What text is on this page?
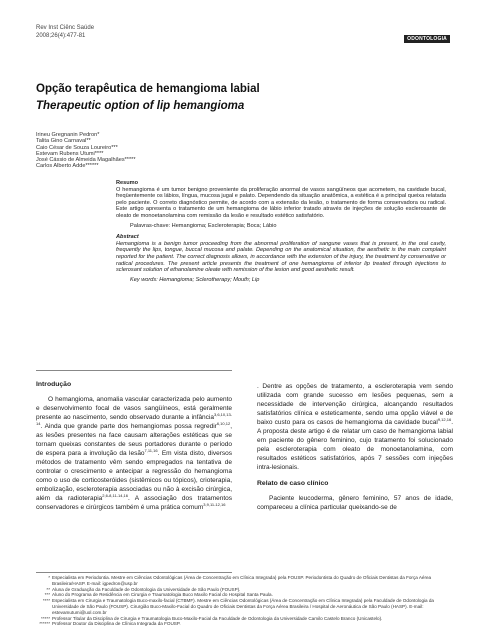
Rev Inst Ciênc Saúde
2008;26(4):477-81	ODONTOLOGIA
Opção terapêutica de hemangioma labial
Therapeutic option of lip hemangioma
Irineu Gregnanin Pedron*
Talita Gino Carnaval**
Caio César de Souza Loureiro***
Estevam Rubens Utumi****
José Cássio de Almeida Magalhães*****
Carlos Alberto Adde******
Resumo

O hemangioma é um tumor benigno proveniente da proliferação anormal de vasos sangüíneos que acometem, na cavidade bucal, freqüentemente os lábios, língua, mucosa jugal e palato. Dependendo da situação anatômica, a estética é a principal queixa relatada pelo paciente. O correto diagnóstico permite, de acordo com a extensão da lesão, o tratamento de forma conservadora ou radical. Este artigo apresenta o tratamento de um hemangioma de lábio inferior tratado através de injeções de solução esclerosante de oleato de monoetanolamina com remissão da lesão e resultado estético satisfatório.

Palavras-chave: Hemangioma; Escleroterapia; Boca; Lábio
Abstract

Hemangioma is a benign tumor proceeding from the abnormal proliferation of sangune vases that is present, in the oral cavity, frequently the lips, tongue, buccal mucosa and palate. Depending on the anatomical situation, the aesthetic is the main complaint reported for the patient. The correct diagnosis allows, in accordance with the extension of the injury, the treatment by conservative or radical procedures. The present article presents the treatment of one hemangioma of inferior lip treated through injections to sclerosant solution of ethanolamine oleate with remission of the lesion and good aesthetic result.

Key words: Hemangioma; Sclerotherapy; Mouth; Lip

Introdução

O hemangioma, anomalia vascular caracterizada pelo aumento e desenvolvimento focal de vasos sangüíneos, está geralmente presente ao nascimento, sendo observado durante a infância$^{3,6,10,13-14}$. Ainda que grande parte dos hemangiomas possa regredir$^{6,10,12}$, as lesões presentes na face causam alterações estéticas que se tornam queixas constantes de seus portadores durante o período de espera para a involução da lesão$^{7,11,16}$. Em vista disto, diversos métodos de tratamento vêm sendo empregados na tentativa de controlar o crescimento e antecipar a regressão do hemangioma como o uso de corticosteróides (sistêmicos ou tópicos), crioterapia, embolização, escleroterapia associadas ou não à excisão cirúrgica, além da radioterapia$^{2,6-8,11-14,16}$. A associação dos tratamentos conservadores e cirúrgicos também é uma prática comum$^{3,9,11-12,16}$

. Dentre as opções de tratamento, a escleroterapia vem sendo utilizada com grande sucesso em lesões pequenas, sem a necessidade de intervenção cirúrgica, alcançando resultados satisfatórios clínica e esteticamente, sendo uma opção viável e de baixo custo para os casos de hemangioma da cavidade bucal$^{9,12,16}$. A proposta deste artigo é de relatar um caso de hemangioma labial em paciente do gênero feminino, cujo tratamento foi solucionado pela escleroterapia com oleato de monoetanolamina, com resultados estéticos satisfatórios, após 7 sessões com injeções intra-lesionais.

Relato de caso clínico

Paciente leucoderma, gênero feminino, 57 anos de idade, compareceu a clínica particular queixando-se de

* Especialista em Periodontia. Mestre em Ciências Odontológicas (Área de Concentração em Clínica Integrada) pela FOUSP. Periodontista do Quadro de Oficiais Dentistas da Força Aérea Brasileira/HASP. E-mail: igpedron@usp.br
** Aluna de Graduação da Faculdade de Odontologia da Universidade de São Paulo (FOUSP).
*** Aluno do Programa de Residência em Cirurgia e Traumatologia Buco Maxilo Facial do Hospital Santa Paula.
**** Especialista em Cirurgia e Traumatologia Buco-maxilo-facial (CTBMF). Mestre em Ciências Odontológicas (Área de Concentração em Clínica Integrada) pela Faculdade de Odontologia da Universidade de São Paulo (FOUSP). Cirurgião Buco-Maxilo-Facial do Quadro de Oficiais Dentistas da Força Aérea Brasileira / Hospital de Aeronáutica de São Paulo (HASP). E-mail: estevamutumi@uol.com.br
***** Professor Titular da Disciplina de Cirurgia e Traumatologia Buco-Maxilo-Facial da Faculdade de Odontologia da Universidade Camilo Castelo Branco (Unicastelo).
****** Professor Doutor da Disciplina de Clínica Integrada da FOUSP.
